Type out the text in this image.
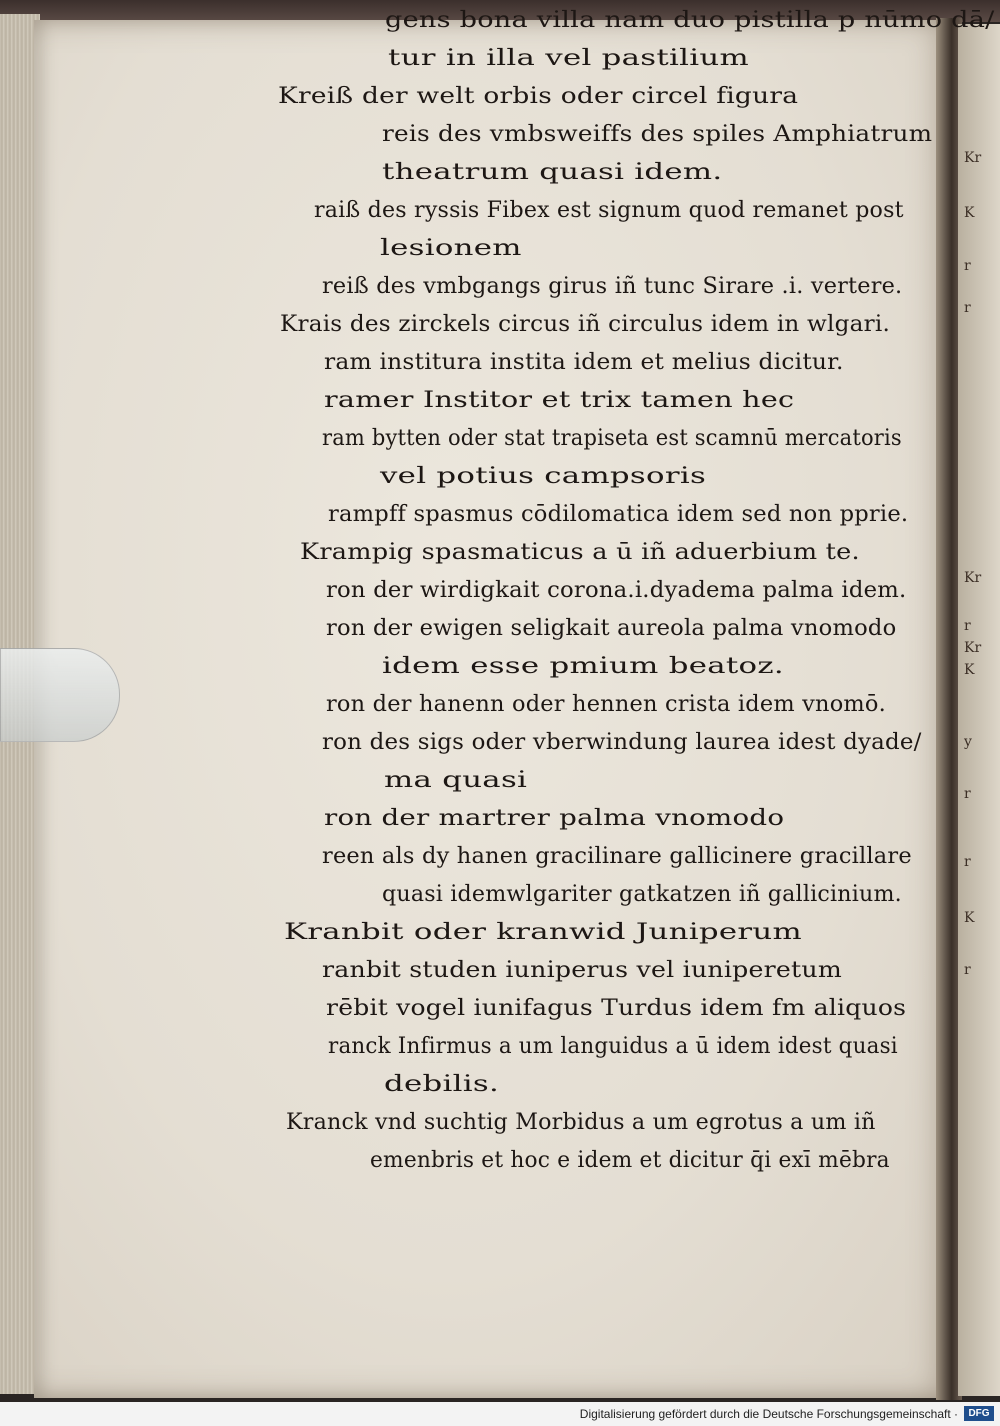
Kr
K
r
r
Kr
r
Kr
K
y
r
r
K
r
gens bona villa nam duo pistilla p nūmo dā/
tur in illa vel pastilium
Kreiß der welt orbis oder circel figura
reis des vmbsweiffs des spiles Amphiatrum
theatrum quasi idem.
raiß des ryssis Fibex est signum quod remanet post
lesionem
reiß des vmbgangs girus iñ tunc Sirare .i. vertere.
Krais des zirckels circus iñ circulus idem in wlgari.
ram institura instita idem et melius dicitur.
ramer Institor et trix tamen hec
ram bytten oder stat trapiseta est scamnū mercatoris
vel potius campsoris
rampff spasmus cōdilomatica idem sed non pprie.
Krampig spasmaticus a ū iñ aduerbium te.
ron der wirdigkait corona.i.dyadema palma idem.
ron der ewigen seligkait aureola palma vnomodo
idem esse pmium beatoz.
ron der hanenn oder hennen crista idem vnomō.
ron des sigs oder vberwindung laurea idest dyade/
ma quasi
ron der martrer palma vnomodo
reen als dy hanen gracilinare gallicinere gracillare
quasi idemwlgariter gatkatzen iñ gallicinium.
Kranbit oder kranwid Juniperum
ranbit studen iuniperus vel iuniperetum
rēbit vogel iunifagus Turdus idem fm aliquos
ranck Infirmus a um languidus a ū idem idest quasi
debilis.
Kranck vnd suchtig Morbidus a um egrotus a um iñ
emenbris et hoc e idem et dicitur q̄i exī mēbra
Digitalisierung gefördert durch die Deutsche Forschungsgemeinschaft ·	DFG
